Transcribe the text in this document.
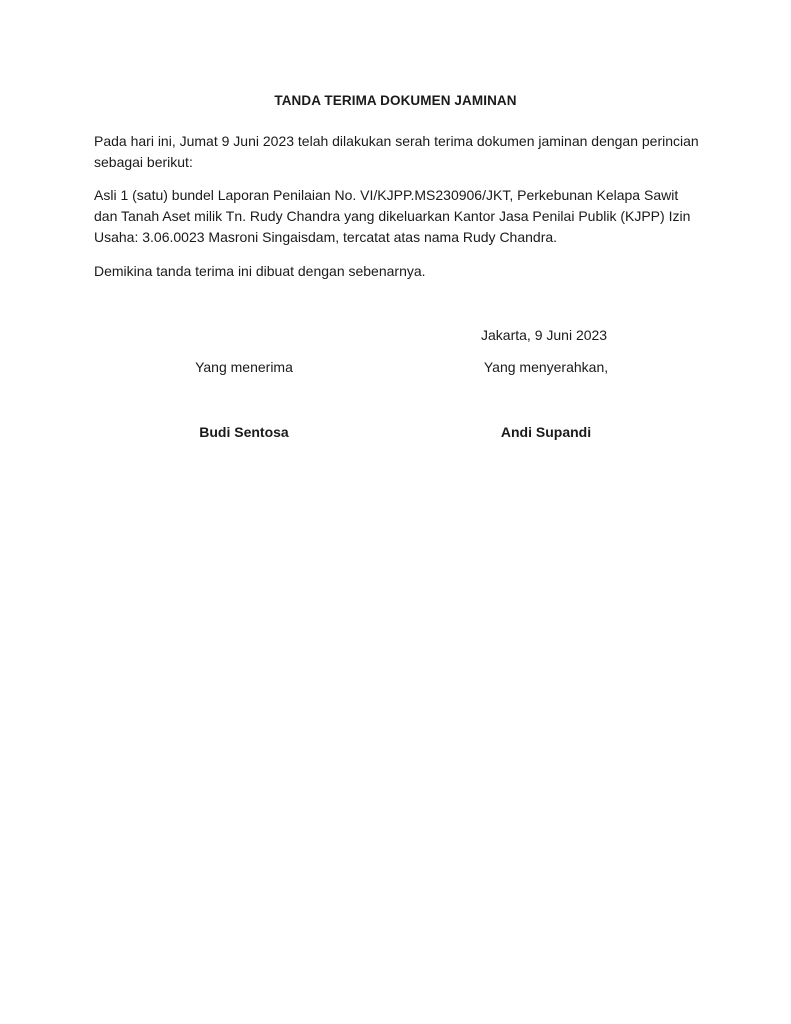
TANDA TERIMA DOKUMEN JAMINAN
Pada hari ini, Jumat 9 Juni 2023 telah dilakukan serah terima dokumen jaminan dengan perincian sebagai berikut:
Asli 1 (satu) bundel Laporan Penilaian No. VI/KJPP.MS230906/JKT, Perkebunan Kelapa Sawit dan Tanah Aset milik Tn. Rudy Chandra yang dikeluarkan Kantor Jasa Penilai Publik (KJPP) Izin Usaha: 3.06.0023 Masroni Singaisdam, tercatat atas nama Rudy Chandra.
Demikina tanda terima ini dibuat dengan sebenarnya.
Jakarta, 9 Juni 2023
Yang menerima	Yang menyerahkan,
Budi Sentosa	Andi Supandi
